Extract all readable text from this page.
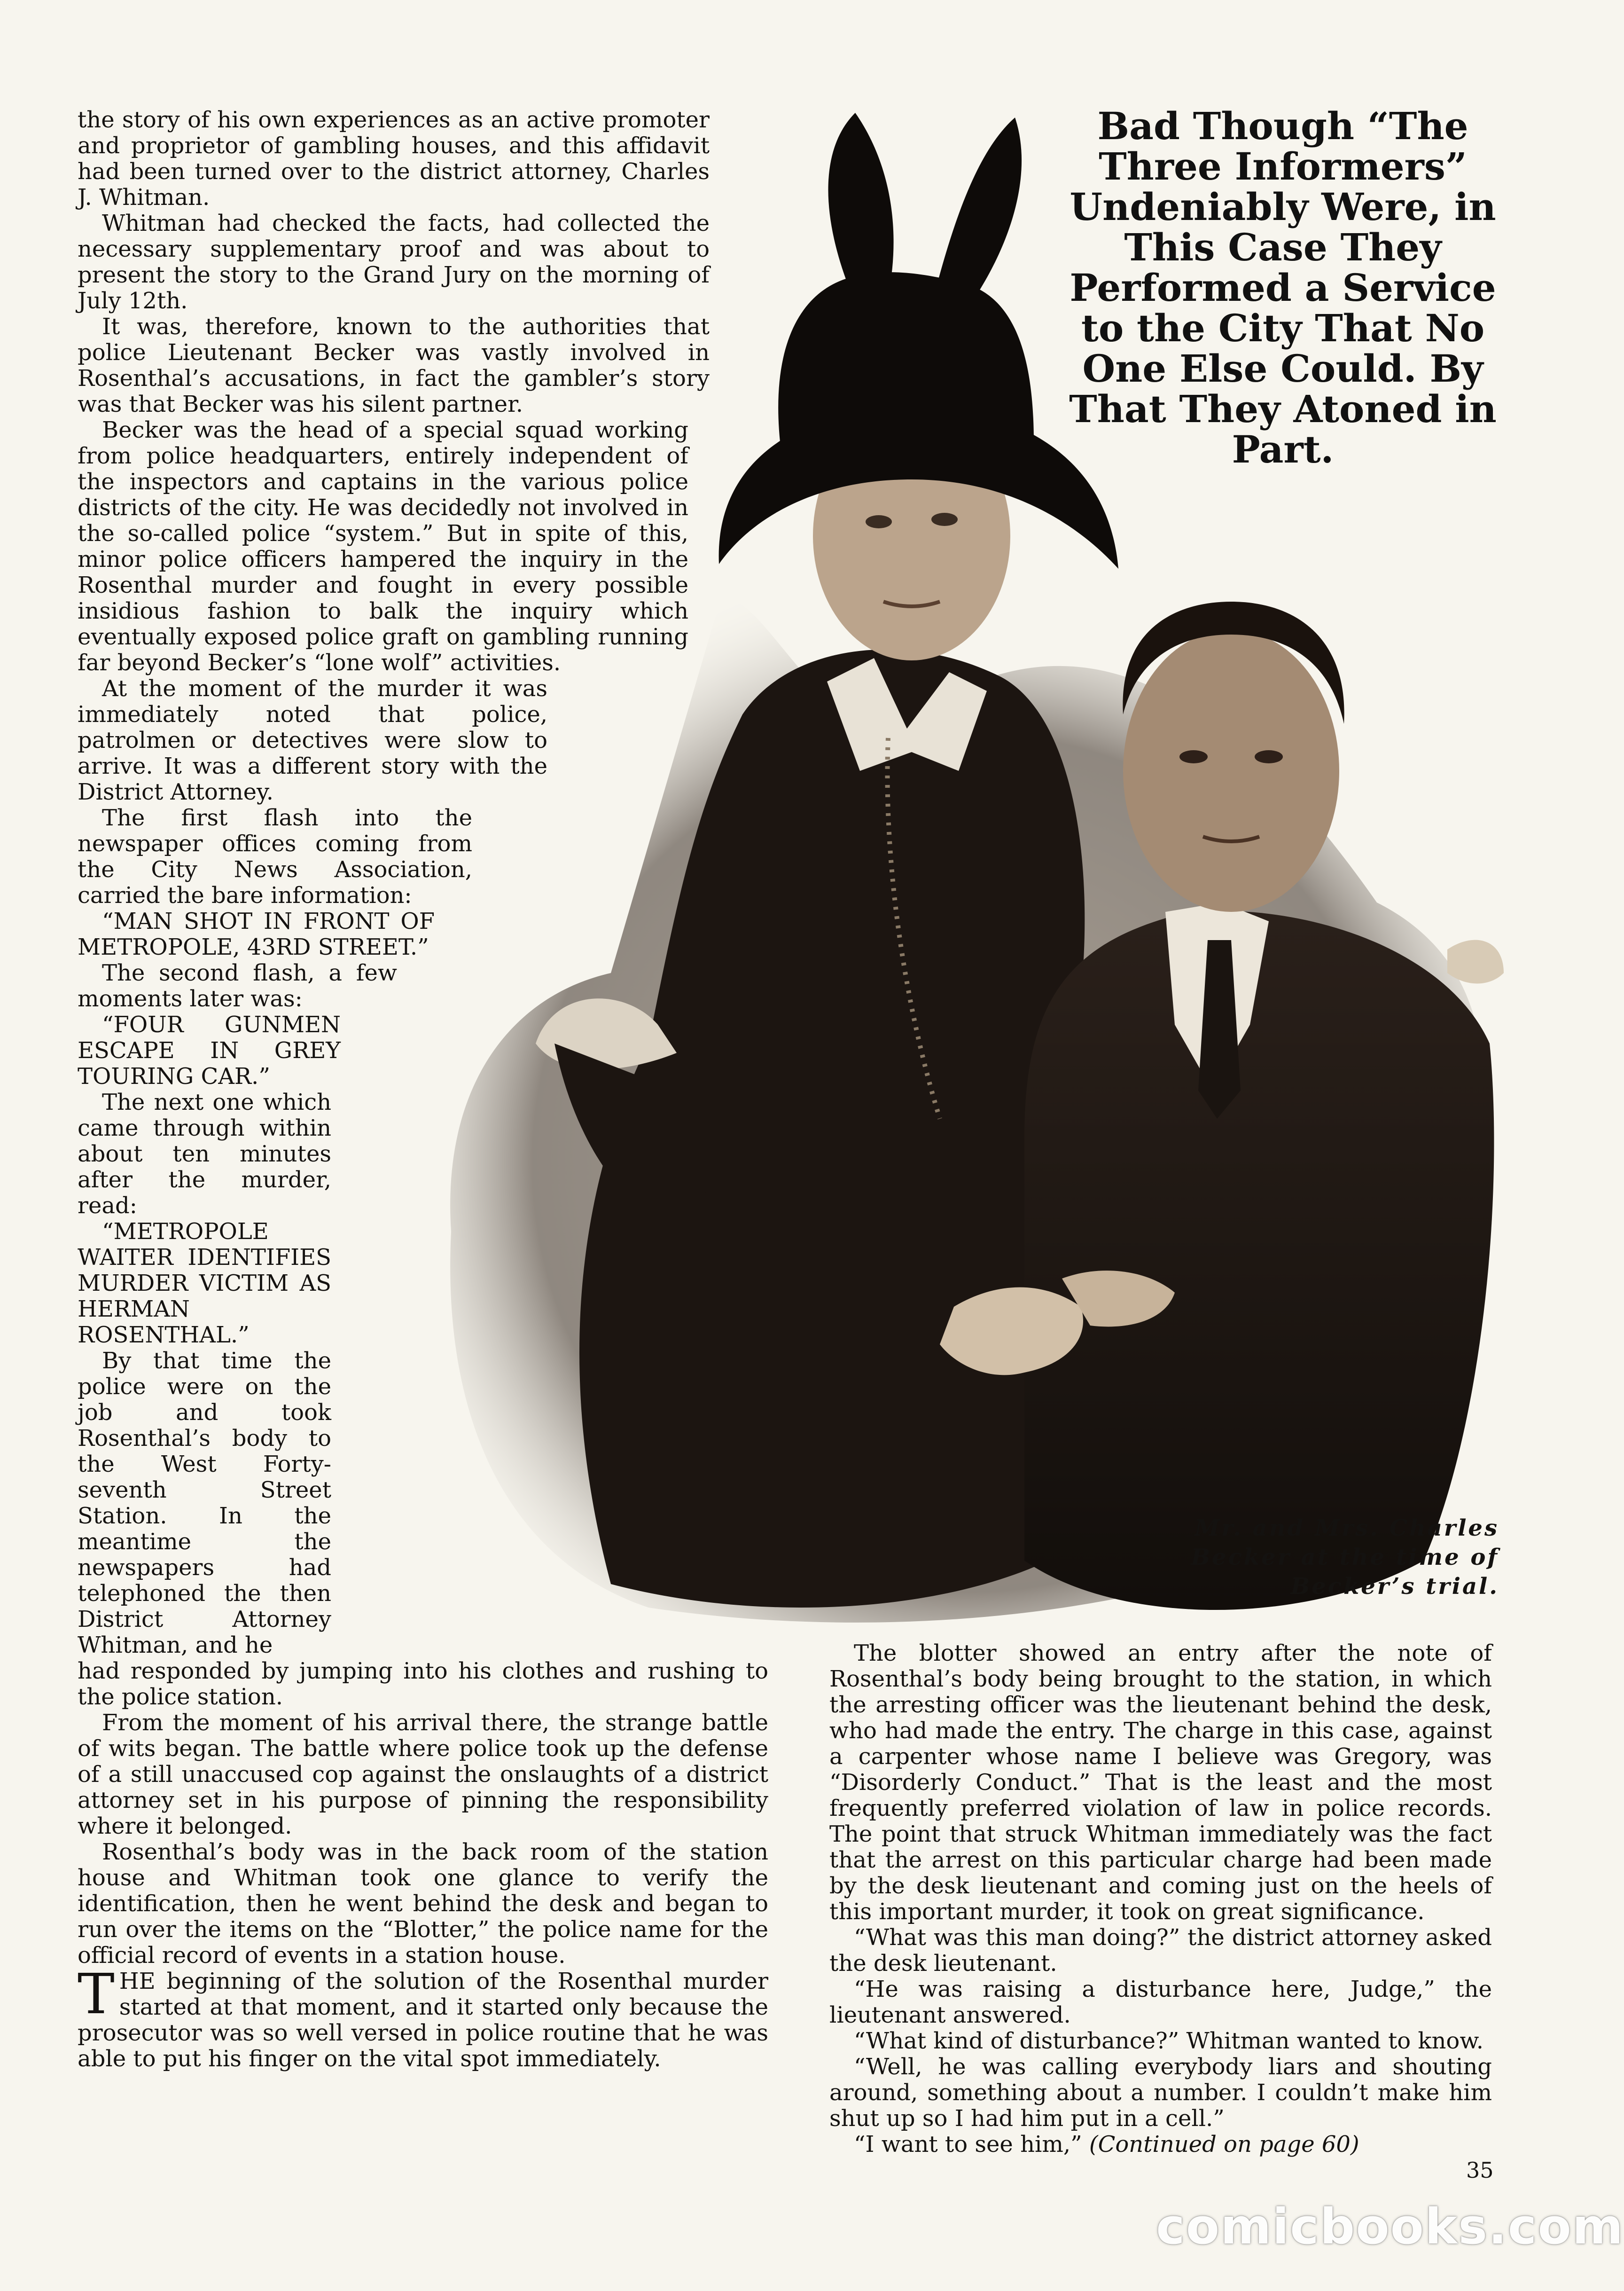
the story of his own experiences as an active promoter and proprietor of gambling houses, and this affidavit had been turned over to the district attorney, Charles J. Whitman.

Whitman had checked the facts, had collected the necessary supplementary proof and was about to present the story to the Grand Jury on the morning of July 12th.

It was, therefore, known to the authorities that police Lieutenant Becker was vastly involved in Rosenthal’s accusations, in fact the gambler’s story was that Becker was his silent partner.

Becker was the head of a special squad working from police headquarters, entirely independent of the inspectors and captains in the various police districts of the city. He was decidedly not involved in the so-called police “system.” But in spite of this, minor police officers hampered the inquiry in the Rosenthal murder and fought in every possible insidious fashion to balk the inquiry which eventually exposed police graft on gambling running far beyond Becker’s “lone wolf” activities.

At the moment of the murder it was immediately noted that police, patrolmen or detectives were slow to arrive. It was a different story with the District Attorney.

The first flash into the newspaper offices coming from the City News Association, carried the bare information:

“MAN SHOT IN FRONT OF METROPOLE, 43RD STREET.”

The second flash, a few moments later was:

“FOUR GUNMEN ESCAPE IN GREY TOURING CAR.”

The next one which came through within about ten minutes after the murder, read:

“METROPOLE WAITER IDENTIFIES MURDER VICTIM AS HERMAN ROSENTHAL.”

By that time the police were on the job and took Rosenthal’s body to the West Forty-seventh Street Station. In the meantime the newspapers had telephoned the then District Attorney Whitman, and he

had responded by jumping into his clothes and rushing to the police station.

From the moment of his arrival there, the strange battle of wits began. The battle where police took up the defense of a still unaccused cop against the onslaughts of a district attorney set in his purpose of pinning the responsibility where it belonged.

Rosenthal’s body was in the back room of the station house and Whitman took one glance to verify the identification, then he went behind the desk and began to run over the items on the “Blotter,” the police name for the official record of events in a station house.

T HE beginning of the solution of the Rosenthal murder started at that moment, and it started only because the prosecutor was so well versed in police routine that he was able to put his finger on the vital spot immediately.

Bad Though “The Three Informers” Undeniably Were, in This Case They Performed a Service to the City That No One Else Could. By That They Atoned in Part.
Mr. and Mrs. Charles Becker at the time of Becker’s trial.

The blotter showed an entry after the note of Rosenthal’s body being brought to the station, in which the arresting officer was the lieutenant behind the desk, who had made the entry. The charge in this case, against a carpenter whose name I believe was Gregory, was “Disorderly Conduct.” That is the least and the most frequently preferred violation of law in police records. The point that struck Whitman immediately was the fact that the arrest on this particular charge had been made by the desk lieutenant and coming just on the heels of this important murder, it took on great significance.

“What was this man doing?” the district attorney asked the desk lieutenant.

“He was raising a disturbance here, Judge,” the lieutenant answered.

“What kind of disturbance?” Whitman wanted to know.

“Well, he was calling everybody liars and shouting around, something about a number. I couldn’t make him shut up so I had him put in a cell.”

“I want to see him,” (Continued on page 60)

35
comicbooks.com
